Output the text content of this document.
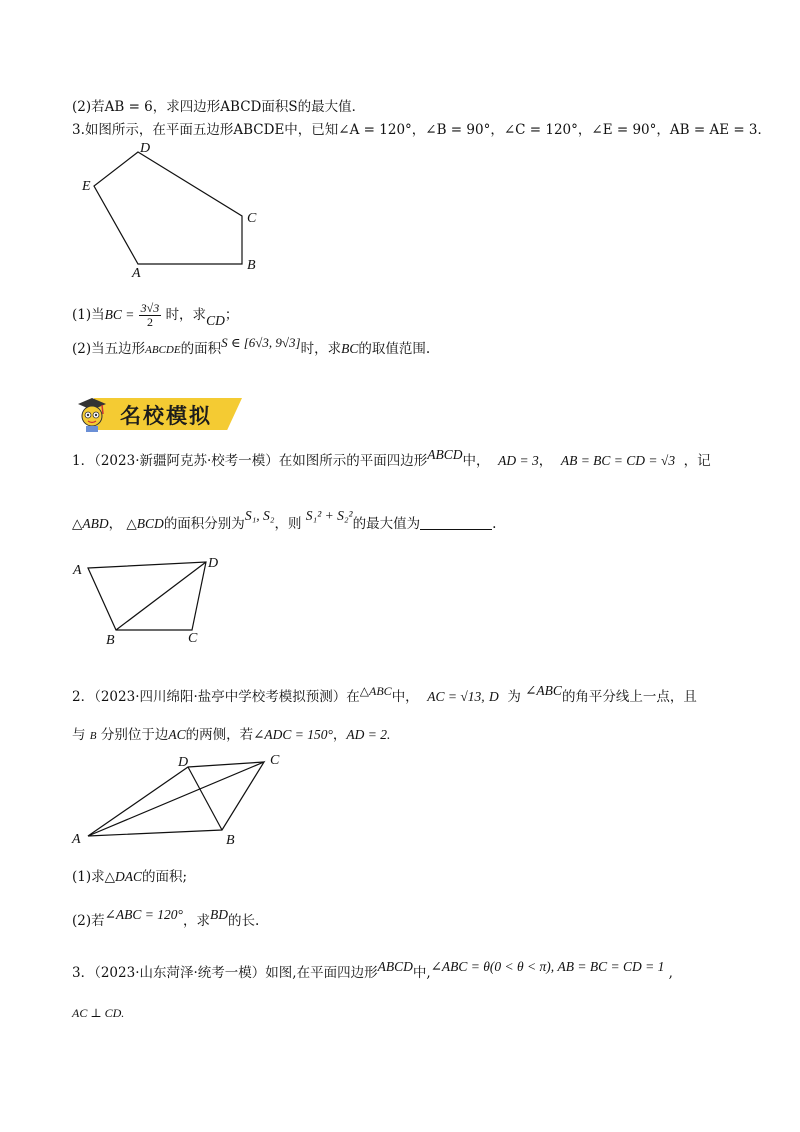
(2)若AB = 6，求四边形ABCD面积S的最大值．
3.如图所示，在平面五边形ABCDE中，已知∠A = 120°，∠B = 90°，∠C = 120°，∠E = 90°，AB = AE = 3．
D
E
C
A
B
(1)当BC = $\frac{3√3}{2}$ 时，求CD；
(2)当五边形ABCDE的面积S ∈ [6√3, 9√3]时，求BC的取值范围.
名校模拟
1．（2023·新疆阿克苏·校考一模）在如图所示的平面四边形ABCD中， AD = 3， AB = BC = CD = √3 ，记
△ABD， △BCD的面积分别为S₁, S₂，则 S₁² + S₂²的最大值为	.
A	D
B	C
2．（2023·四川绵阳·盐亭中学校考模拟预测）在△ABC中， AC = √13, D 为 ∠ABC的角平分线上一点，且
与 B 分别位于边AC的两侧，若∠ADC = 150°，AD = 2.
D	C
A	B
(1)求△DAC的面积;
(2)若∠ABC = 120°，求BD的长.
3．（2023·山东菏泽·统考一模）如图,在平面四边形ABCD中,∠ABC = θ(0 < θ < π), AB = BC = CD = 1 ,
AC ⊥ CD.
